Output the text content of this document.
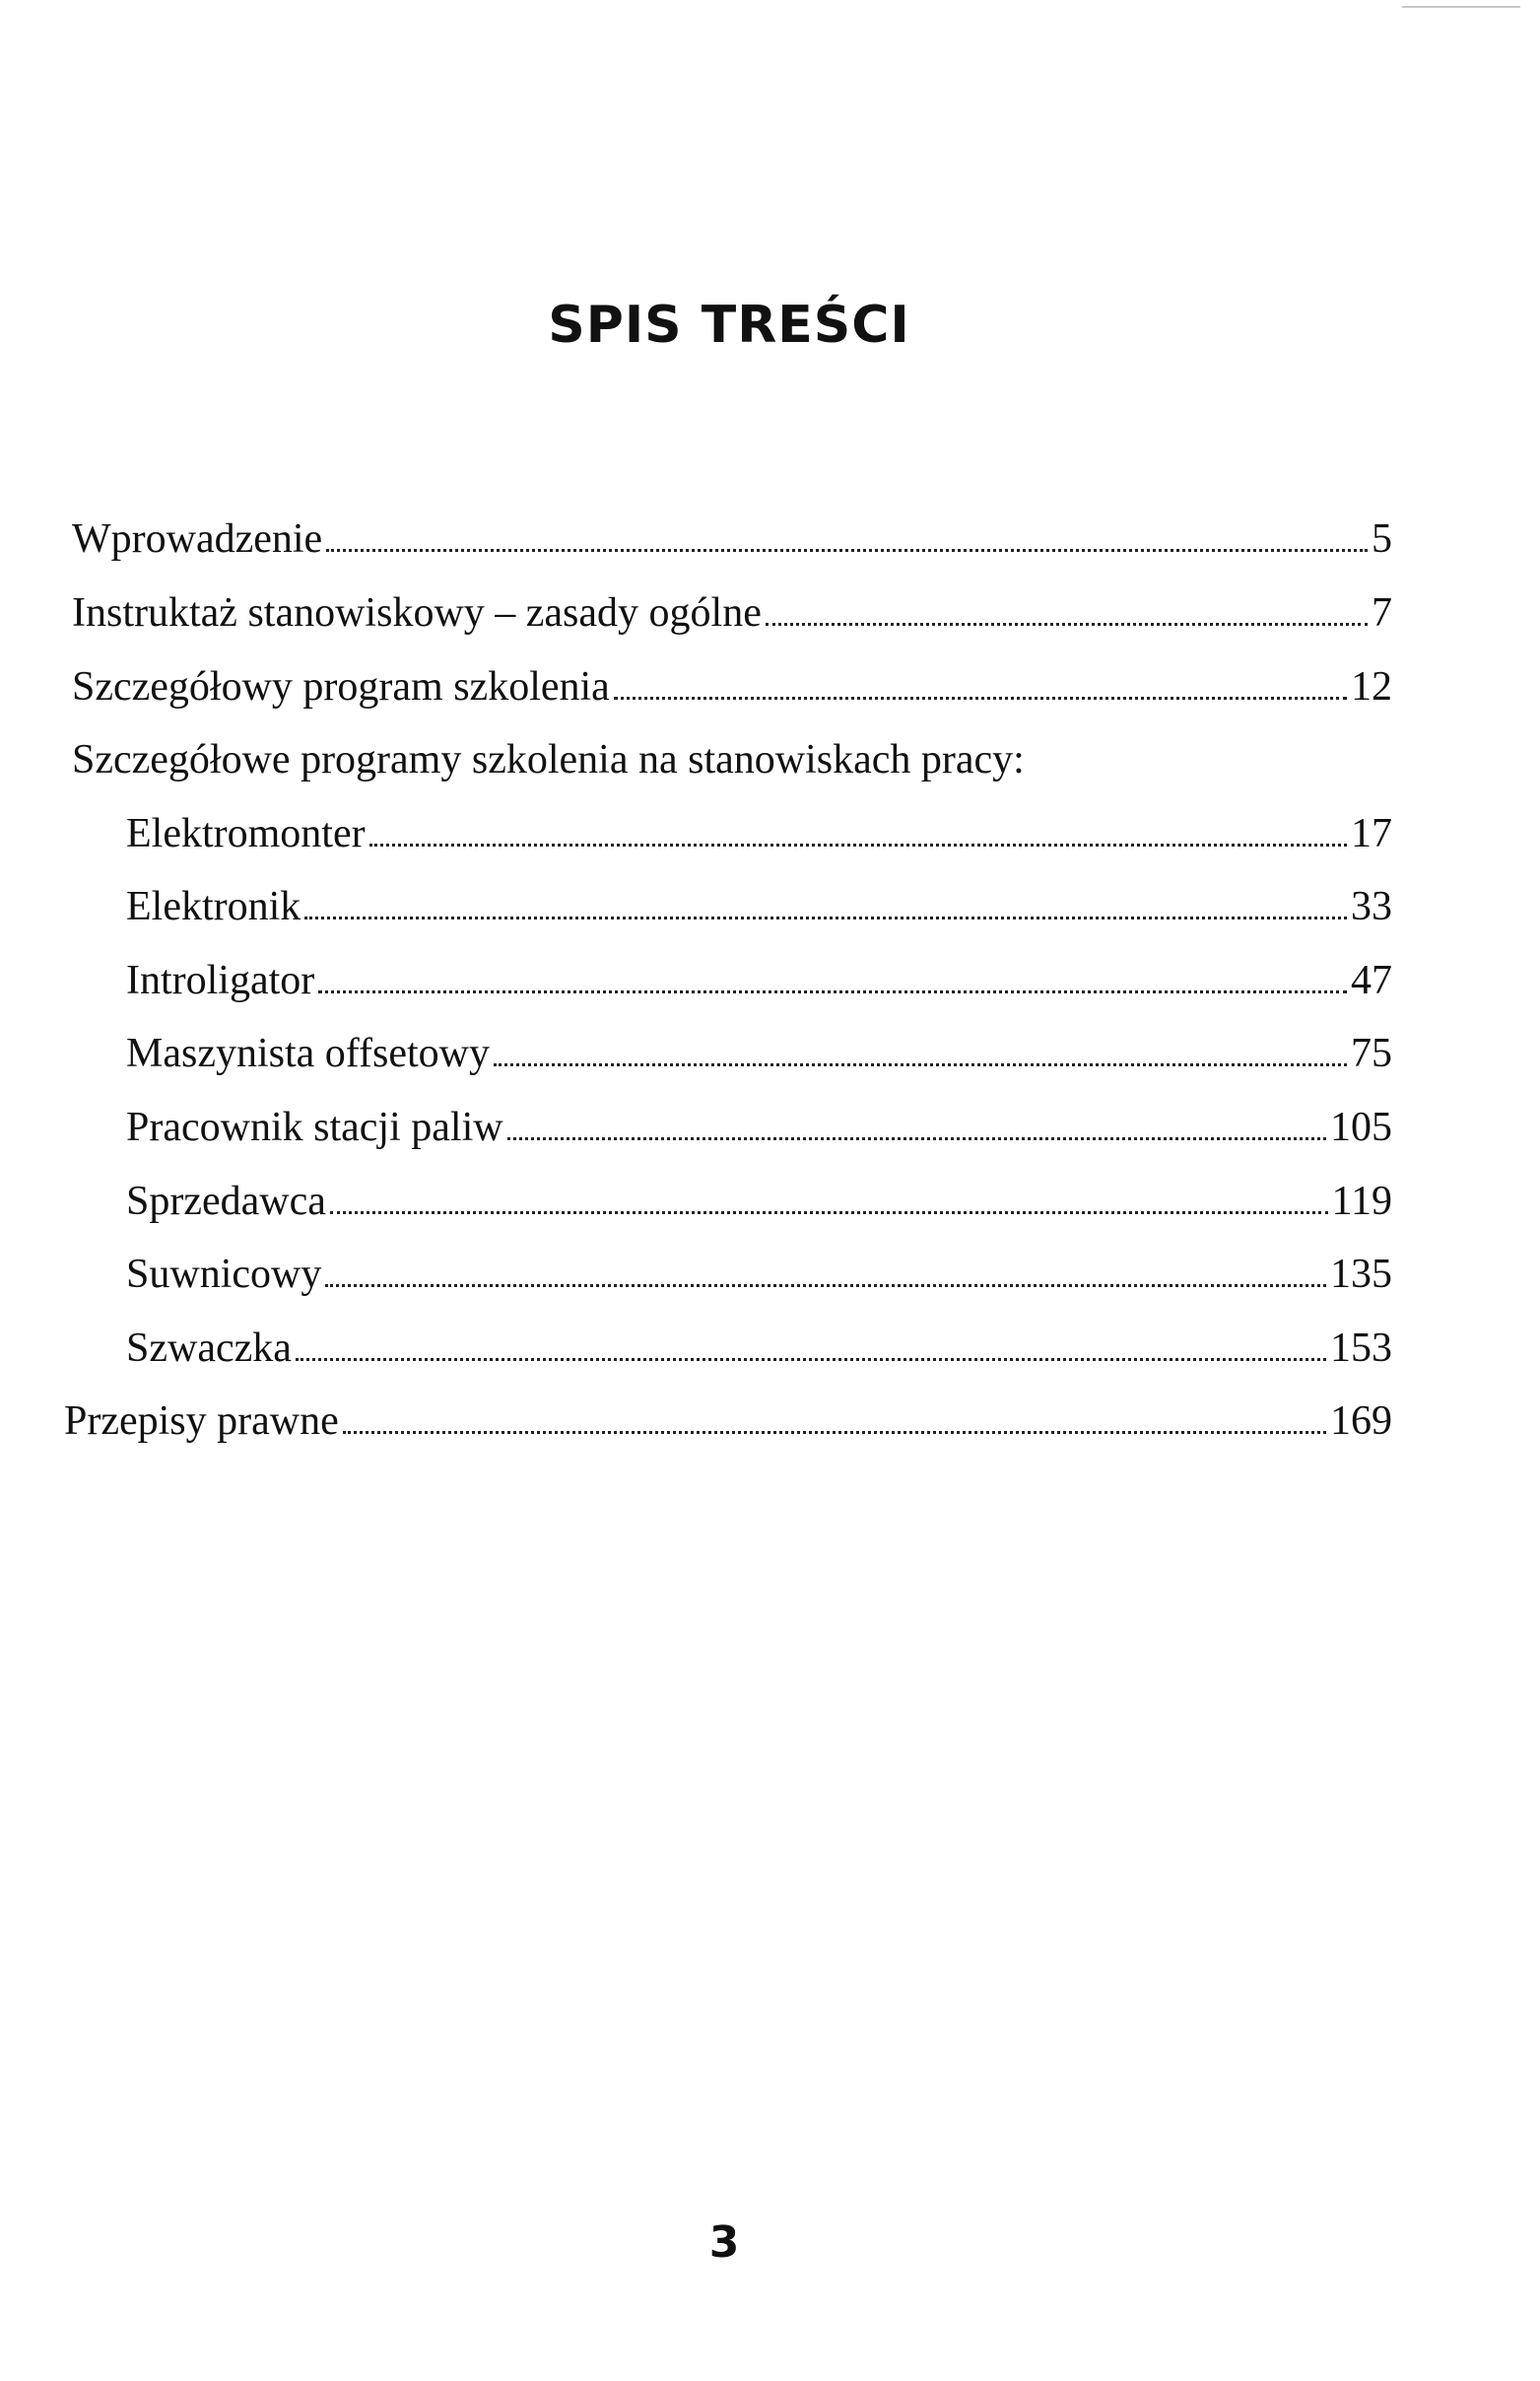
SPIS TREŚCI
Wprowadzenie	5
Instruktaż stanowiskowy – zasady ogólne	7
Szczegółowy program szkolenia	12
Szczegółowe programy szkolenia na stanowiskach pracy:
Elektromonter	17
Elektronik	33
Introligator	47
Maszynista offsetowy	75
Pracownik stacji paliw	105
Sprzedawca	119
Suwnicowy	135
Szwaczka	153
Przepisy prawne	169
3
